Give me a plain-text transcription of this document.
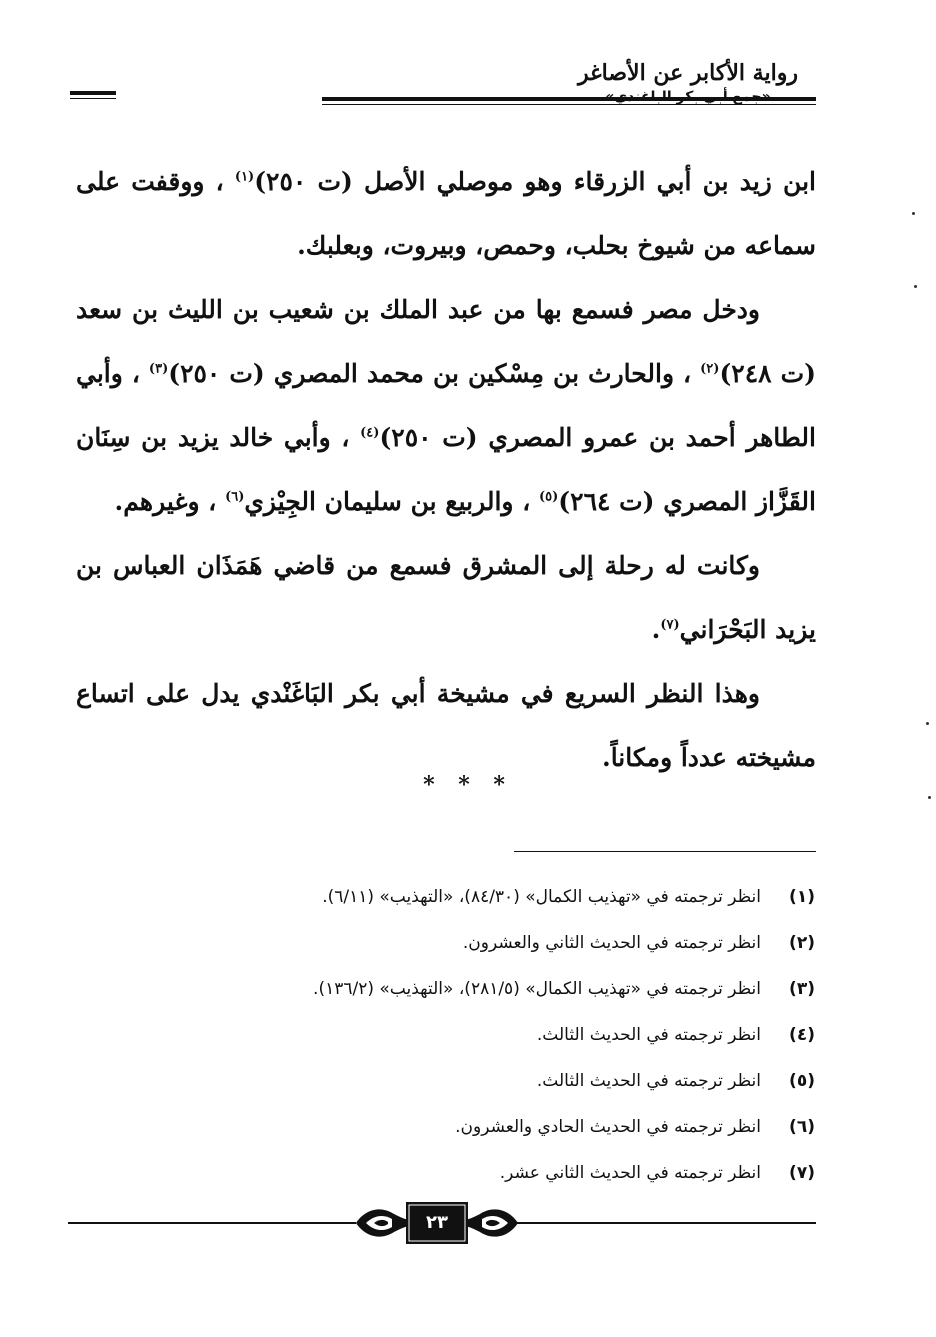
رواية الأكابر عن الأصاغر

ابن زيد بن أبي الزرقاء وهو موصلي الأصل (ت ٢٥٠)$^{(١)}$ ، ووقفت على سماعه من شيوخ بحلب، وحمص، وبيروت، وبعلبك.

ودخل مصر فسمع بها من عبد الملك بن شعيب بن الليث بن سعد (ت ٢٤٨)$^{(٢)}$ ، والحارث بن مِسْكين بن محمد المصري (ت ٢٥٠)$^{(٣)}$ ، وأبي الطاهر أحمد بن عمرو المصري (ت ٢٥٠)$^{(٤)}$ ، وأبي خالد يزيد بن سِنَان القَزَّاز المصري (ت ٢٦٤)$^{(٥)}$ ، والربيع بن سليمان الجِيْزي$^{(٦)}$ ، وغيرهم.

وكانت له رحلة إلى المشرق فسمع من قاضي هَمَذَان العباس بن يزيد البَحْرَاني$^{(٧)}$.

وهذا النظر السريع في مشيخة أبي بكر البَاغَنْدي يدل على اتساع مشيخته عدداً ومكاناً.

* * *
(١)
انظر ترجمته في «تهذيب الكمال» (٨٤/٣٠)، «التهذيب» (٦/١١).
(٢)
انظر ترجمته في الحديث الثاني والعشرون.
(٣)
انظر ترجمته في «تهذيب الكمال» (٢٨١/٥)، «التهذيب» (١٣٦/٢).
(٤)
انظر ترجمته في الحديث الثالث.
(٥)
انظر ترجمته في الحديث الثالث.
(٦)
انظر ترجمته في الحديث الحادي والعشرون.
(٧)
انظر ترجمته في الحديث الثاني عشر.
٢٣
